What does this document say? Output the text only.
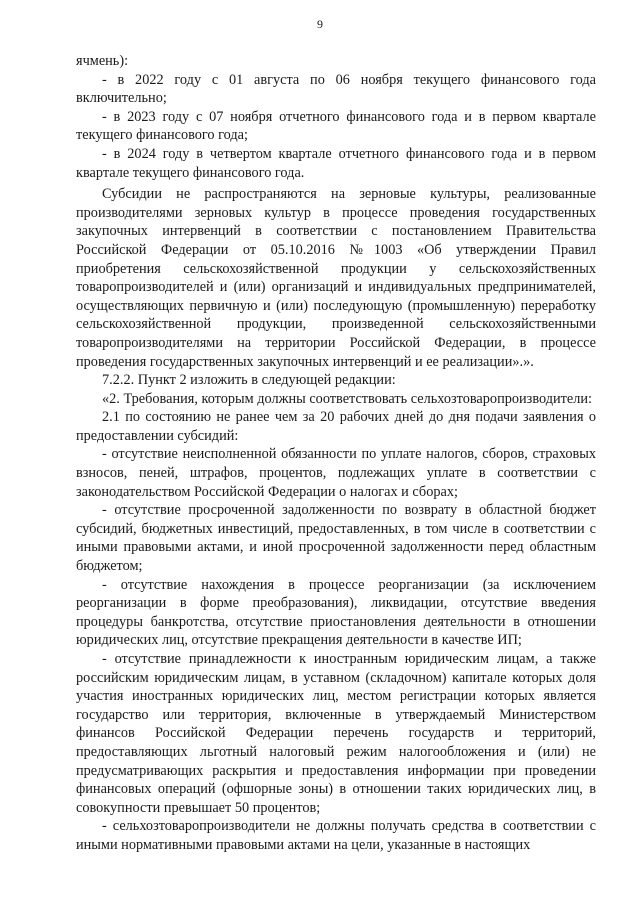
9

ячмень):

- в 2022 году с 01 августа по 06 ноября текущего финансового года включительно;

- в 2023 году с 07 ноября отчетного финансового года и в первом квартале текущего финансового года;

- в 2024 году в четвертом квартале отчетного финансового года и в первом квартале текущего финансового года.

Субсидии не распространяются на зерновые культуры, реализованные производителями зерновых культур в процессе проведения государственных закупочных интервенций в соответствии с постановлением Правительства Российской Федерации от 05.10.2016 №1003 «Об утверждении Правил приобретения сельскохозяйственной продукции у сельскохозяйственных товаропроизводителей и (или) организаций и индивидуальных предпринимателей, осуществляющих первичную и (или) последующую (промышленную) переработку сельскохозяйственной продукции, произведенной сельскохозяйственными товаропроизводителями на территории Российской Федерации, в процессе проведения государственных закупочных интервенций и ее реализации».».

7.2.2. Пункт 2 изложить в следующей редакции:

«2. Требования, которым должны соответствовать сельхозтоваропроизводители:

2.1 по состоянию не ранее чем за 20 рабочих дней до дня подачи заявления о предоставлении субсидий:

- отсутствие неисполненной обязанности по уплате налогов, сборов, страховых взносов, пеней, штрафов, процентов, подлежащих уплате в соответствии с законодательством Российской Федерации о налогах и сборах;

- отсутствие просроченной задолженности по возврату в областной бюджет субсидий, бюджетных инвестиций, предоставленных, в том числе в соответствии с иными правовыми актами, и иной просроченной задолженности перед областным бюджетом;

- отсутствие нахождения в процессе реорганизации (за исключением реорганизации в форме преобразования), ликвидации, отсутствие введения процедуры банкротства, отсутствие приостановления деятельности в отношении юридических лиц, отсутствие прекращения деятельности в качестве ИП;

- отсутствие принадлежности к иностранным юридическим лицам, а также российским юридическим лицам, в уставном (складочном) капитале которых доля участия иностранных юридических лиц, местом регистрации которых является государство или территория, включенные в утверждаемый Министерством финансов Российской Федерации перечень государств и территорий, предоставляющих льготный налоговый режим налогообложения и (или) не предусматривающих раскрытия и предоставления информации при проведении финансовых операций (офшорные зоны) в отношении таких юридических лиц, в совокупности превышает 50 процентов;

- сельхозтоваропроизводители не должны получать средства в соответствии с иными нормативными правовыми актами на цели, указанные в настоящих
